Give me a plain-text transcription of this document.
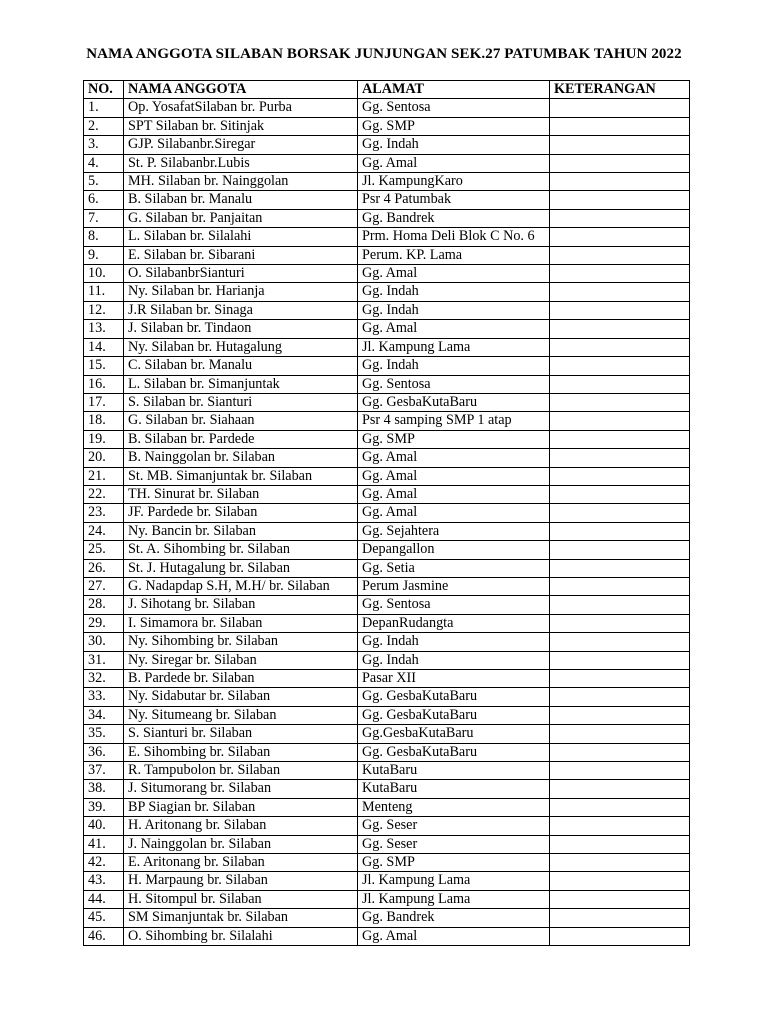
NAMA ANGGOTA SILABAN BORSAK JUNJUNGAN SEK.27 PATUMBAK TAHUN 2022
NO.	NAMA ANGGOTA	ALAMAT	KETERANGAN
1.	Op. YosafatSilaban br. Purba	Gg. Sentosa	
2.	SPT Silaban br. Sitinjak	Gg. SMP	
3.	GJP. Silabanbr.Siregar	Gg. Indah	
4.	St. P. Silabanbr.Lubis	Gg. Amal	
5.	MH. Silaban br. Nainggolan	Jl. KampungKaro	
6.	B. Silaban br. Manalu	Psr 4 Patumbak	
7.	G. Silaban br. Panjaitan	Gg. Bandrek	
8.	L. Silaban br. Silalahi	Prm. Homa Deli Blok C No. 6	
9.	E. Silaban br. Sibarani	Perum. KP. Lama	
10.	O. SilabanbrSianturi	Gg. Amal	
11.	Ny. Silaban br. Harianja	Gg. Indah	
12.	J.R Silaban br. Sinaga	Gg. Indah	
13.	J. Silaban br. Tindaon	Gg. Amal	
14.	Ny. Silaban br. Hutagalung	Jl. Kampung Lama	
15.	C. Silaban br. Manalu	Gg. Indah	
16.	L. Silaban br. Simanjuntak	Gg. Sentosa	
17.	S. Silaban br. Sianturi	Gg. GesbaKutaBaru	
18.	G. Silaban br. Siahaan	Psr 4 samping SMP 1 atap	
19.	B. Silaban br. Pardede	Gg. SMP	
20.	B. Nainggolan br. Silaban	Gg. Amal	
21.	St. MB. Simanjuntak br. Silaban	Gg. Amal	
22.	TH. Sinurat br. Silaban	Gg. Amal	
23.	JF. Pardede br. Silaban	Gg. Amal	
24.	Ny. Bancin br. Silaban	Gg. Sejahtera	
25.	St. A. Sihombing br. Silaban	Depangallon	
26.	St. J. Hutagalung br. Silaban	Gg. Setia	
27.	G. Nadapdap S.H, M.H/ br. Silaban	Perum Jasmine	
28.	J. Sihotang br. Silaban	Gg. Sentosa	
29.	I. Simamora br. Silaban	DepanRudangta	
30.	Ny. Sihombing br. Silaban	Gg. Indah	
31.	Ny. Siregar br. Silaban	Gg. Indah	
32.	B. Pardede br. Silaban	Pasar XII	
33.	Ny. Sidabutar br. Silaban	Gg. GesbaKutaBaru	
34.	Ny. Situmeang br. Silaban	Gg. GesbaKutaBaru	
35.	S. Sianturi br. Silaban	Gg.GesbaKutaBaru	
36.	E. Sihombing br. Silaban	Gg. GesbaKutaBaru	
37.	R. Tampubolon br. Silaban	KutaBaru	
38.	J. Situmorang br. Silaban	KutaBaru	
39.	BP Siagian br. Silaban	Menteng	
40.	H. Aritonang br. Silaban	Gg. Seser	
41.	J. Nainggolan br. Silaban	Gg. Seser	
42.	E. Aritonang br. Silaban	Gg. SMP	
43.	H. Marpaung br. Silaban	Jl. Kampung Lama	
44.	H. Sitompul br. Silaban	Jl. Kampung Lama	
45.	SM Simanjuntak br. Silaban	Gg. Bandrek	
46.	O. Sihombing br. Silalahi	Gg. Amal	
